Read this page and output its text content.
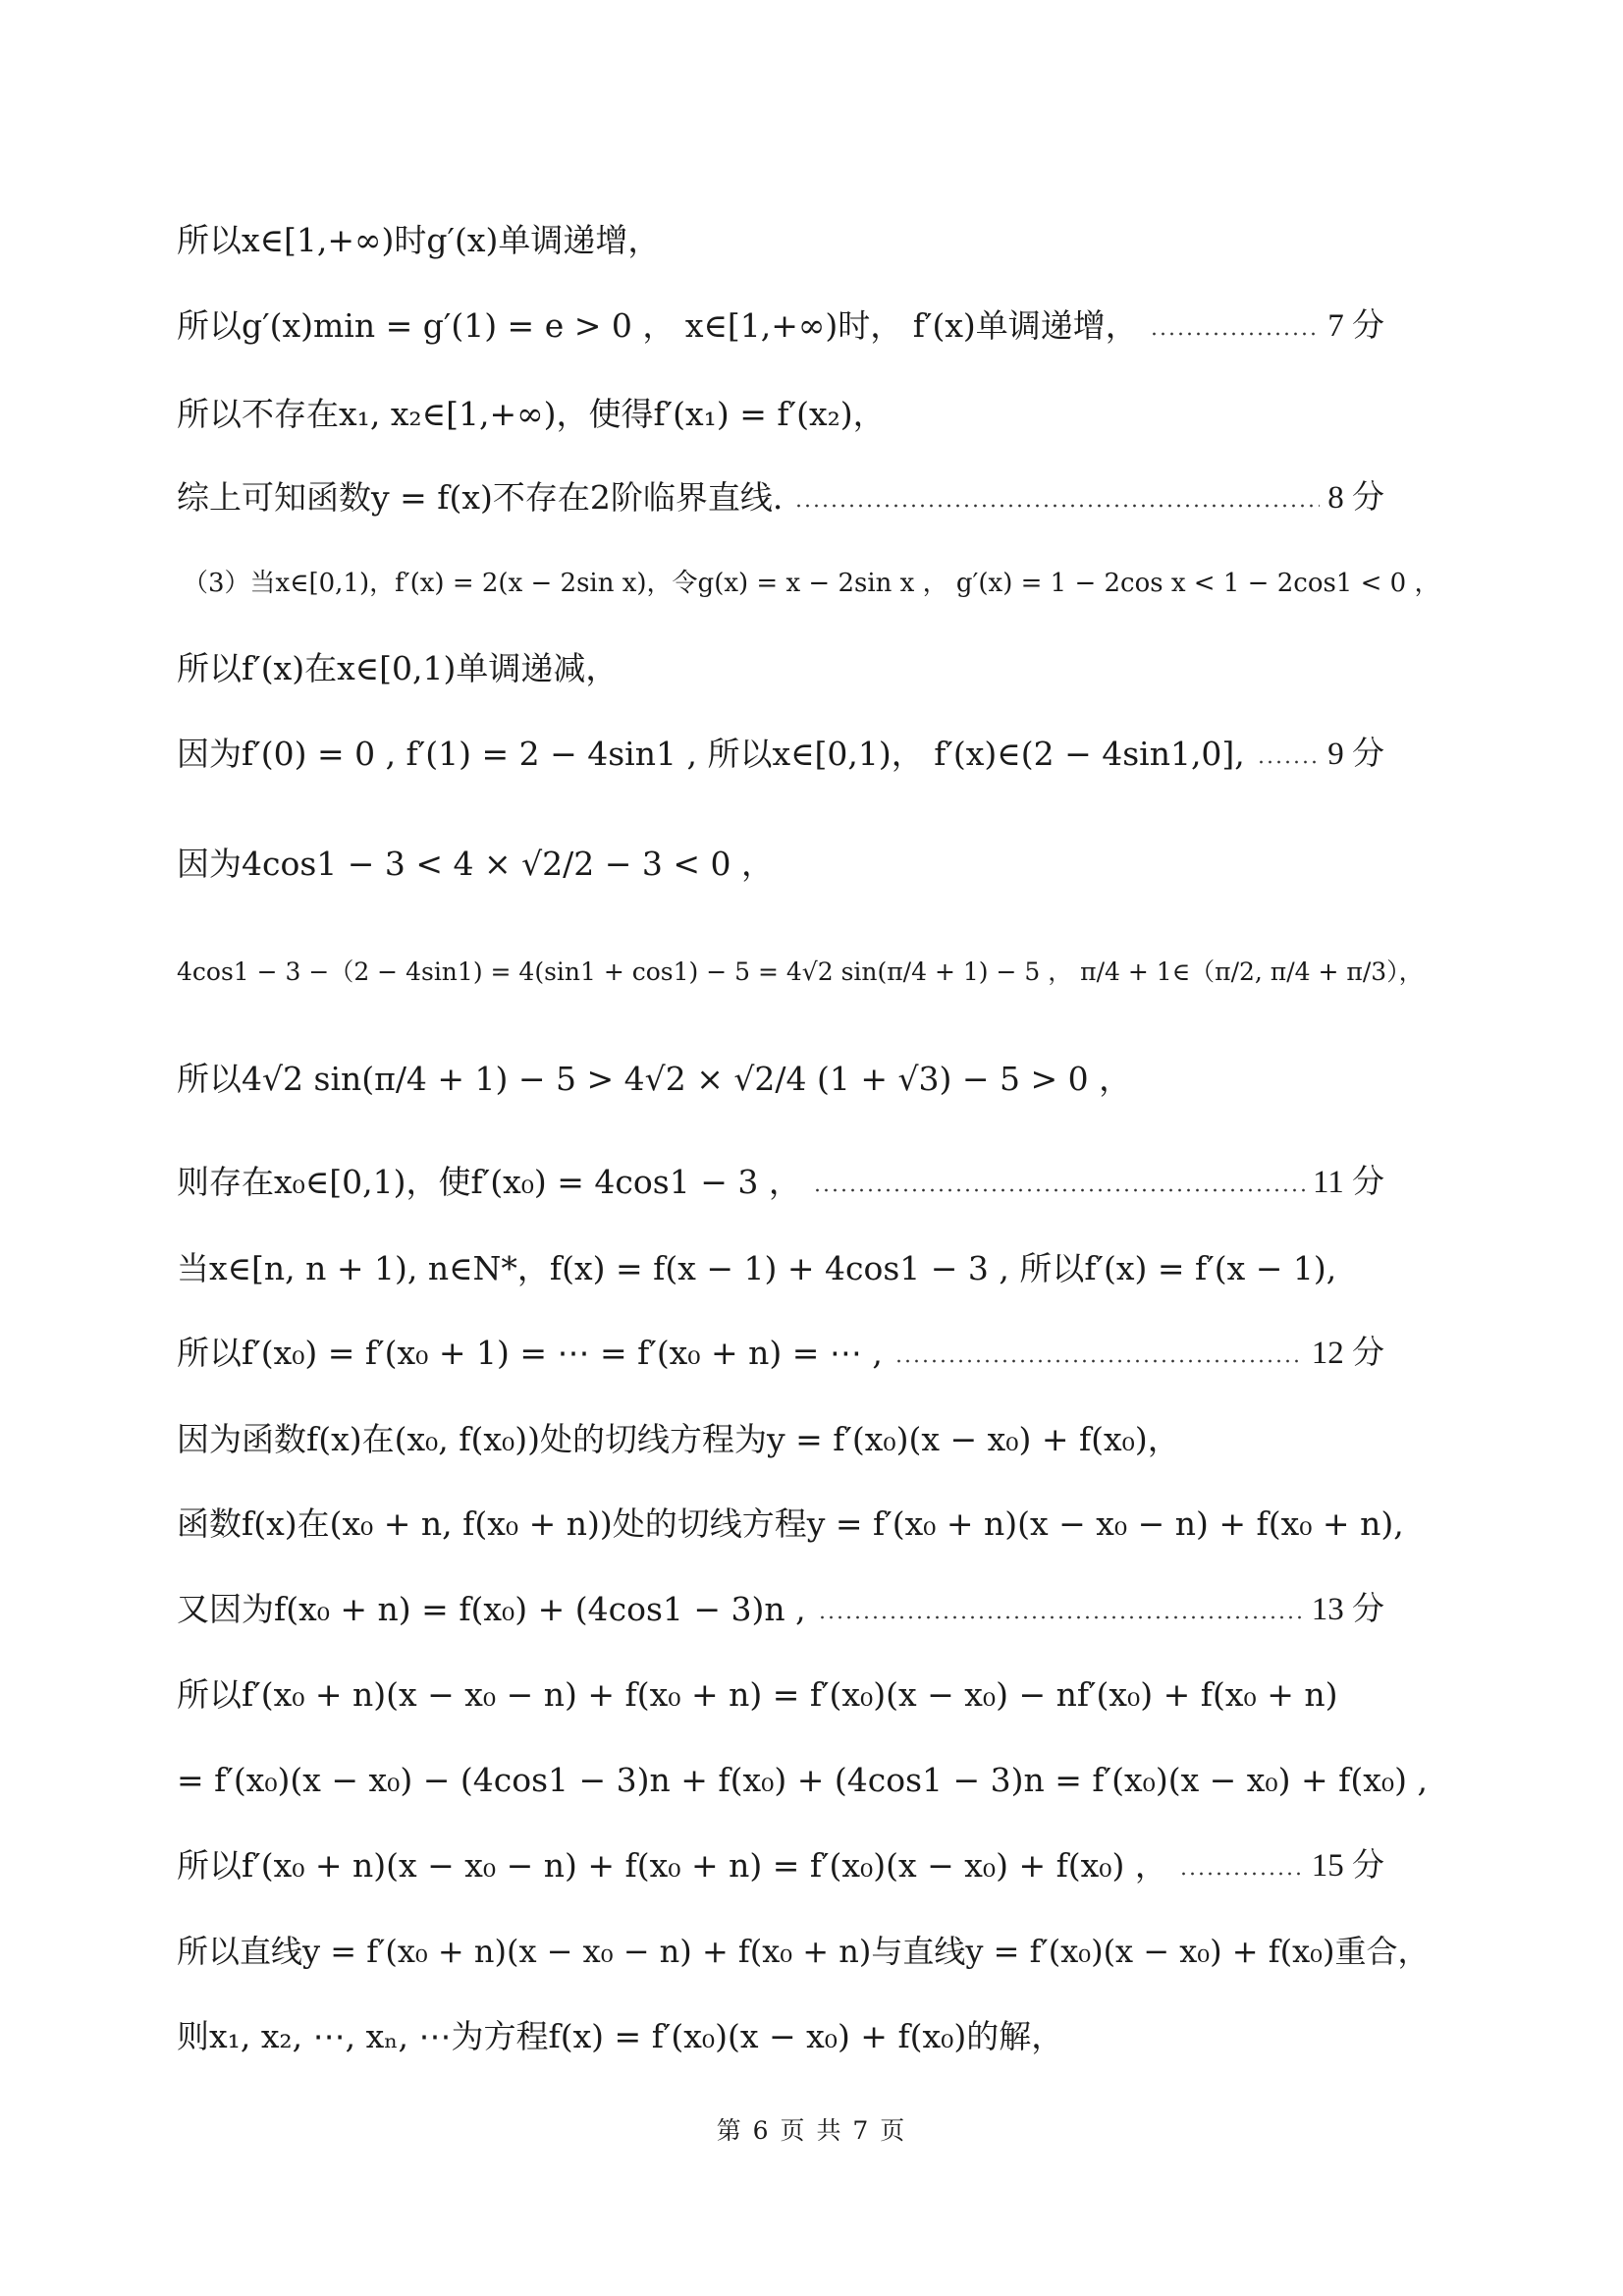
所以x∈[1,+∞)时g′(x)单调递增，
所以g′(x)min = g′(1) = e > 0 ， x∈[1,+∞)时， f′(x)单调递增，	7 分
所以不存在x₁, x₂∈[1,+∞)，使得f′(x₁) = f′(x₂)，
综上可知函数y = f(x)不存在2阶临界直线.	8 分
（3）当x∈[0,1)，f′(x) = 2(x − 2sin x)，令g(x) = x − 2sin x ， g′(x) = 1 − 2cos x < 1 − 2cos1 < 0 ，
所以f′(x)在x∈[0,1)单调递减，
因为f′(0) = 0 , f′(1) = 2 − 4sin1 , 所以x∈[0,1)， f′(x)∈(2 − 4sin1,0],	9 分
因为4cos1 − 3 < 4 × √2/2 − 3 < 0 ，
4cos1 − 3 −（2 − 4sin1) = 4(sin1 + cos1) − 5 = 4√2 sin(π/4 + 1) − 5 ， π/4 + 1∈（π/2, π/4 + π/3），
所以4√2 sin(π/4 + 1) − 5 > 4√2 × √2/4 (1 + √3) − 5 > 0 ，
则存在x₀∈[0,1)，使f′(x₀) = 4cos1 − 3 ，	11 分
当x∈[n, n + 1), n∈N*，f(x) = f(x − 1) + 4cos1 − 3 , 所以f′(x) = f′(x − 1),
所以f′(x₀) = f′(x₀ + 1) = ⋯ = f′(x₀ + n) = ⋯ ,	12 分
因为函数f(x)在(x₀, f(x₀))处的切线方程为y = f′(x₀)(x − x₀) + f(x₀)，
函数f(x)在(x₀ + n, f(x₀ + n))处的切线方程y = f′(x₀ + n)(x − x₀ − n) + f(x₀ + n),
又因为f(x₀ + n) = f(x₀) + (4cos1 − 3)n ,	13 分
所以f′(x₀ + n)(x − x₀ − n) + f(x₀ + n) = f′(x₀)(x − x₀) − nf′(x₀) + f(x₀ + n)
= f′(x₀)(x − x₀) − (4cos1 − 3)n + f(x₀) + (4cos1 − 3)n = f′(x₀)(x − x₀) + f(x₀) ,
所以f′(x₀ + n)(x − x₀ − n) + f(x₀ + n) = f′(x₀)(x − x₀) + f(x₀) ，	15 分
所以直线y = f′(x₀ + n)(x − x₀ − n) + f(x₀ + n)与直线y = f′(x₀)(x − x₀) + f(x₀)重合，
则x₁, x₂, ⋯, xₙ, ⋯为方程f(x) = f′(x₀)(x − x₀) + f(x₀)的解，
第 6 页 共 7 页
